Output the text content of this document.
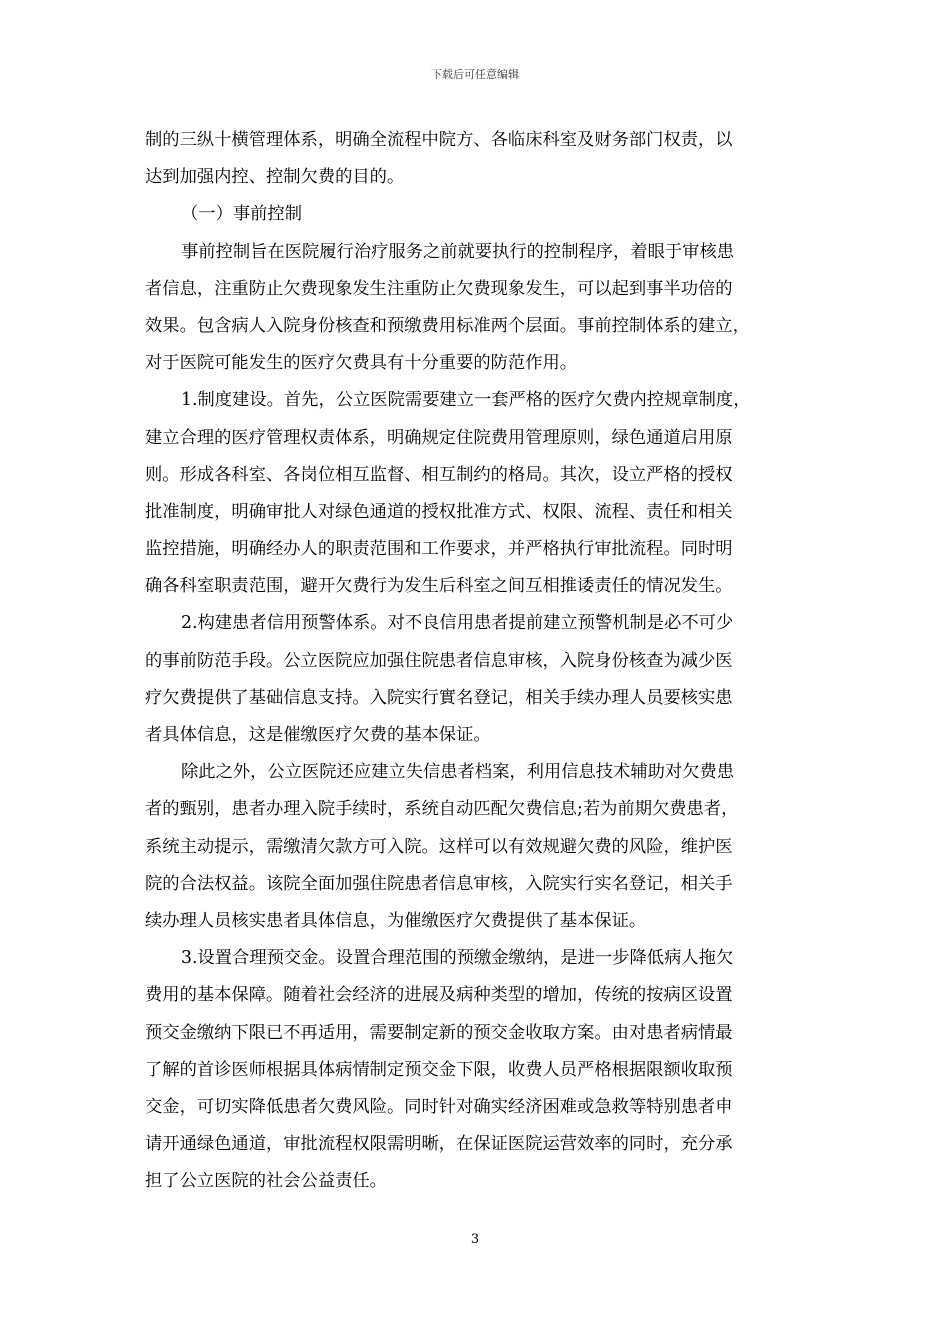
下载后可任意编辑
制的三纵十横管理体系，明确全流程中院方、各临床科室及财务部门权责，以
达到加强内控、控制欠费的目的。
（一）事前控制
事前控制旨在医院履行治疗服务之前就要执行的控制程序，着眼于审核患
者信息，注重防止欠费现象发生注重防止欠费现象发生，可以起到事半功倍的
效果。包含病人入院身份核查和预缴费用标准两个层面。事前控制体系的建立，
对于医院可能发生的医疗欠费具有十分重要的防范作用。
1.制度建设。首先，公立医院需要建立一套严格的医疗欠费内控规章制度，
建立合理的医疗管理权责体系，明确规定住院费用管理原则，绿色通道启用原
则。形成各科室、各岗位相互监督、相互制约的格局。其次，设立严格的授权
批准制度，明确审批人对绿色通道的授权批准方式、权限、流程、责任和相关
监控措施，明确经办人的职责范围和工作要求，并严格执行审批流程。同时明
确各科室职责范围，避开欠费行为发生后科室之间互相推诿责任的情况发生。
2.构建患者信用预警体系。对不良信用患者提前建立预警机制是必不可少
的事前防范手段。公立医院应加强住院患者信息审核，入院身份核查为减少医
疗欠费提供了基础信息支持。入院实行實名登记，相关手续办理人员要核实患
者具体信息，这是催缴医疗欠费的基本保证。
除此之外，公立医院还应建立失信患者档案，利用信息技术辅助对欠费患
者的甄别，患者办理入院手续时，系统自动匹配欠费信息;若为前期欠费患者，
系统主动提示，需缴清欠款方可入院。这样可以有效规避欠费的风险，维护医
院的合法权益。该院全面加强住院患者信息审核，入院实行实名登记，相关手
续办理人员核实患者具体信息，为催缴医疗欠费提供了基本保证。
3.设置合理预交金。设置合理范围的预缴金缴纳，是进一步降低病人拖欠
费用的基本保障。随着社会经济的进展及病种类型的增加，传统的按病区设置
预交金缴纳下限已不再适用，需要制定新的预交金收取方案。由对患者病情最
了解的首诊医师根据具体病情制定预交金下限，收费人员严格根据限额收取预
交金，可切实降低患者欠费风险。同时针对确实经济困难或急救等特别患者申
请开通绿色通道，审批流程权限需明晰，在保证医院运营效率的同时，充分承
担了公立医院的社会公益责任。
3
